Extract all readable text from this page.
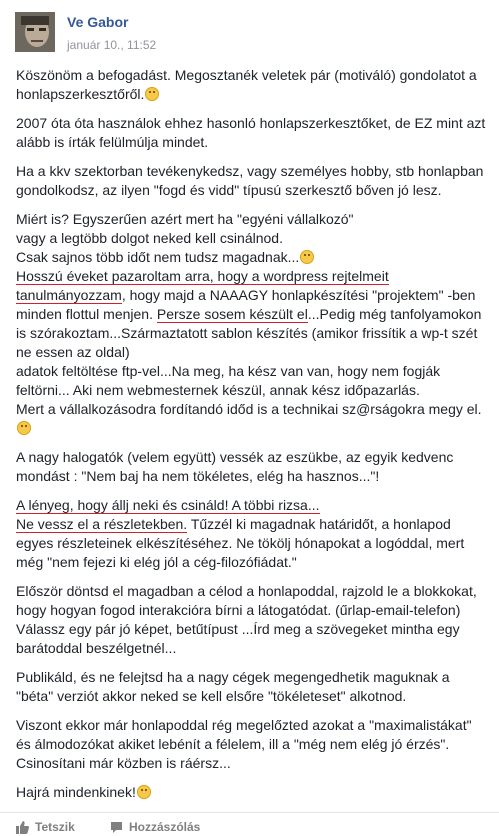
Ve Gabor
január 10., 11:52

Köszönöm a befogadást. Megosztanék veletek pár (motiváló) gondolatot a honlapszerkesztőről.

2007 óta óta használok ehhez hasonló honlapszerkesztőket, de EZ mint azt alább is írták felülmúlja mindet.

Ha a kkv szektorban tevékenykedsz, vagy személyes hobby, stb honlapban gondolkodsz, az ilyen "fogd és vidd" típusú szerkesztő bőven jó lesz.

Miért is? Egyszerűen azért mert ha "egyéni vállalkozó"
vagy a legtöbb dolgot neked kell csinálnod.
Csak sajnos több időt nem tudsz magadnak...
Hosszú éveket pazaroltam arra, hogy a wordpress rejtelmeit
tanulmányozzam, hogy majd a NAAAGY honlapkészítési "projektem" -ben minden flottul menjen. Persze sosem készült el...Pedig még tanfolyamokon is szórakoztam...Származtatott sablon készítés (amikor frissítik a wp-t szét ne essen az oldal)
adatok feltöltése ftp-vel...Na meg, ha kész van van, hogy nem fogják feltörni... Aki nem webmesternek készül, annak kész időpazarlás.
Mert a vállalkozásodra fordítandó időd is a technikai sz@rságokra megy el.

A nagy halogatók (velem együtt) vessék az eszükbe, az egyik kedvenc mondást : "Nem baj ha nem tökéletes, elég ha hasznos..."!

A lényeg, hogy állj neki és csináld! A többi rizsa...
Ne vessz el a részletekben. Tűzzél ki magadnak határidőt, a honlapod egyes részleteinek elkészítéséhez. Ne tökölj hónapokat a logóddal, mert még "nem fejezi ki elég jól a cég-filozófiádat."

Először döntsd el magadban a célod a honlapoddal, rajzold le a blokkokat, hogy hogyan fogod interakcióra bírni a látogatódat. (űrlap-email-telefon) Válassz egy pár jó képet, betűtípust ...Írd meg a szövegeket mintha egy barátoddal beszélgetnél...

Publikáld, és ne felejtsd ha a nagy cégek megengedhetik maguknak a "béta" verziót akkor neked se kell elsőre "tökéleteset" alkotnod.

Viszont ekkor már honlapoddal rég megelőzted azokat a "maximalistákat" és álmodozókat akiket lebénít a félelem, ill a "még nem elég jó érzés". Csinosítani már közben is ráérsz...

Hajrá mindenkinek!

Tetszik	Hozzászólás
